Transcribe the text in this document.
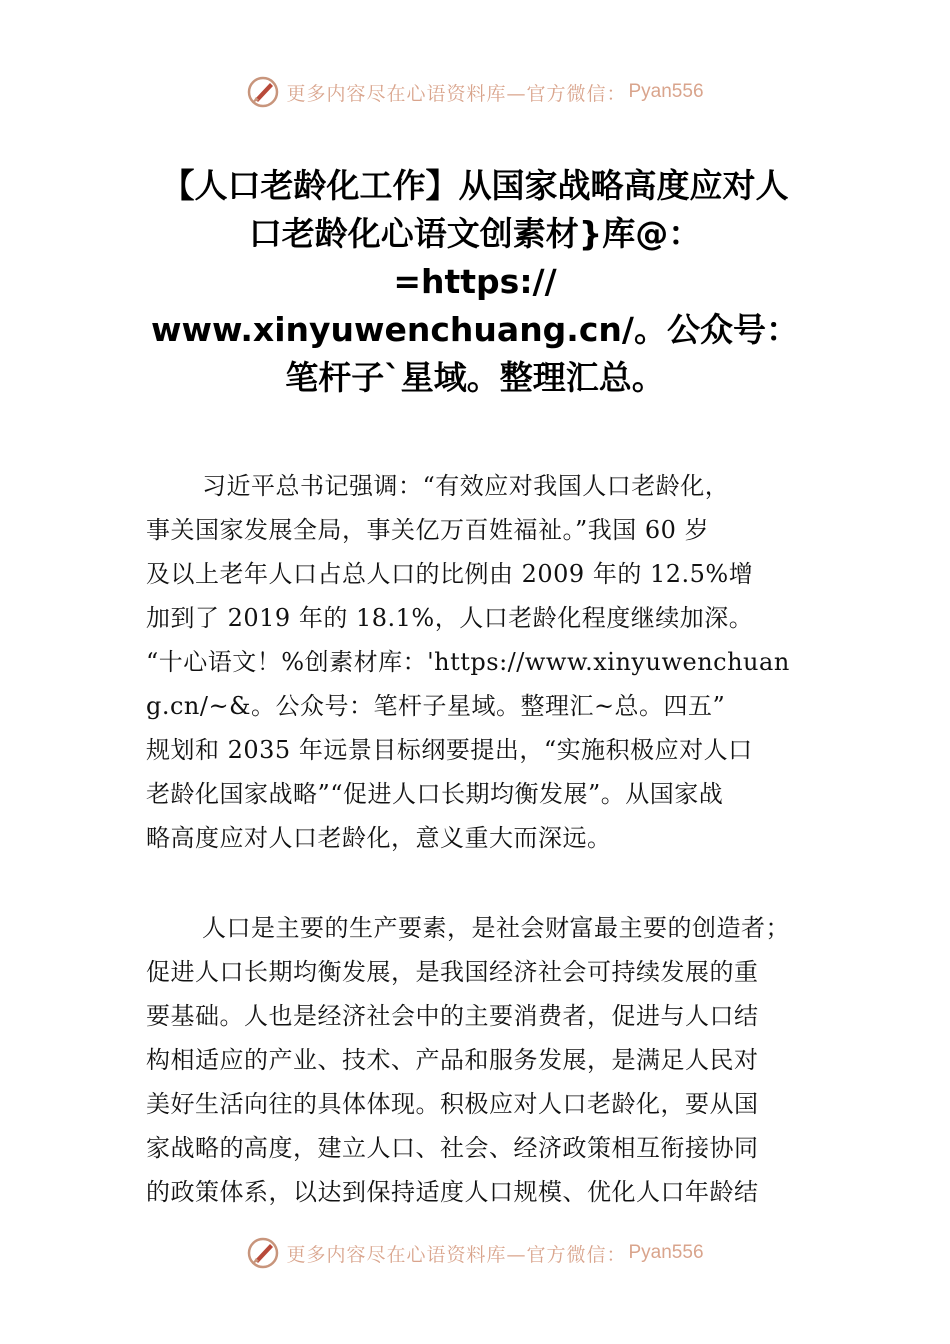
更多内容尽在心语资料库—官方微信： Pyan556
【人口老龄化工作】从国家战略高度应对人
口老龄化心语文创素材}库@：
=https://
www.xinyuwenchuang.cn/。公众号：
笔杆子`星域。整理汇总。
习近平总书记强调：“有效应对我国人口老龄化，
事关国家发展全局，事关亿万百姓福祉。”我国 60 岁
及以上老年人口占总人口的比例由 2009 年的 12.5%增
加到了 2019 年的 18.1%，人口老龄化程度继续加深。
“十心语文！%创素材库：'https://www.xinyuwenchuan
g.cn/~&。公众号：笔杆子星域。整理汇~总。四五”
规划和 2035 年远景目标纲要提出，“实施积极应对人口
老龄化国家战略”“促进人口长期均衡发展”。从国家战
略高度应对人口老龄化，意义重大而深远。
人口是主要的生产要素，是社会财富最主要的创造者；
促进人口长期均衡发展，是我国经济社会可持续发展的重
要基础。人也是经济社会中的主要消费者，促进与人口结
构相适应的产业、技术、产品和服务发展，是满足人民对
美好生活向往的具体体现。积极应对人口老龄化，要从国
家战略的高度，建立人口、社会、经济政策相互衔接协同
的政策体系，以达到保持适度人口规模、优化人口年龄结
更多内容尽在心语资料库—官方微信： Pyan556
